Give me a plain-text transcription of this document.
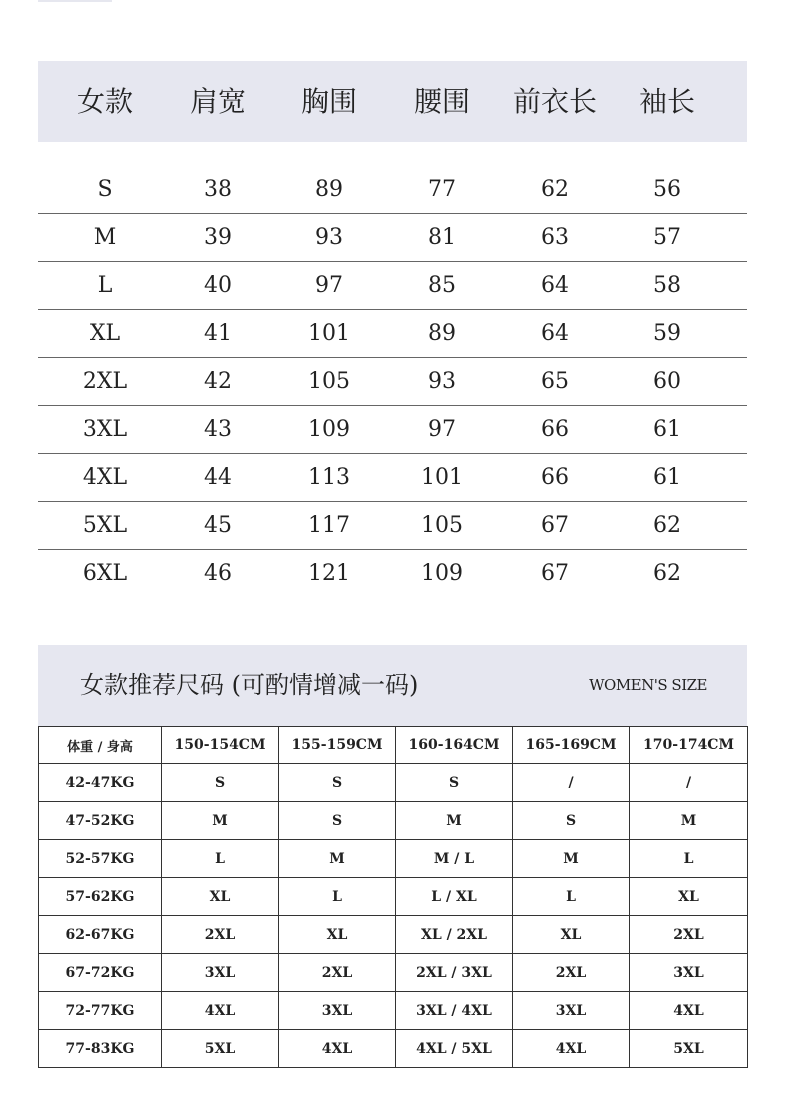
女款	肩宽	胸围	腰围	前衣长	袖长
S	38	89	77	62	56
M	39	93	81	63	57
L	40	97	85	64	58
XL	41	101	89	64	59
2XL	42	105	93	65	60
3XL	43	109	97	66	61
4XL	44	113	101	66	61
5XL	45	117	105	67	62
6XL	46	121	109	67	62
女款推荐尺码 (可酌情增减一码)	WOMEN'S SIZE
体重 / 身高	150-154CM	155-159CM	160-164CM	165-169CM	170-174CM
42-47KG	S	S	S	/	/
47-52KG	M	S	M	S	M
52-57KG	L	M	M / L	M	L
57-62KG	XL	L	L / XL	L	XL
62-67KG	2XL	XL	XL / 2XL	XL	2XL
67-72KG	3XL	2XL	2XL / 3XL	2XL	3XL
72-77KG	4XL	3XL	3XL / 4XL	3XL	4XL
77-83KG	5XL	4XL	4XL / 5XL	4XL	5XL
